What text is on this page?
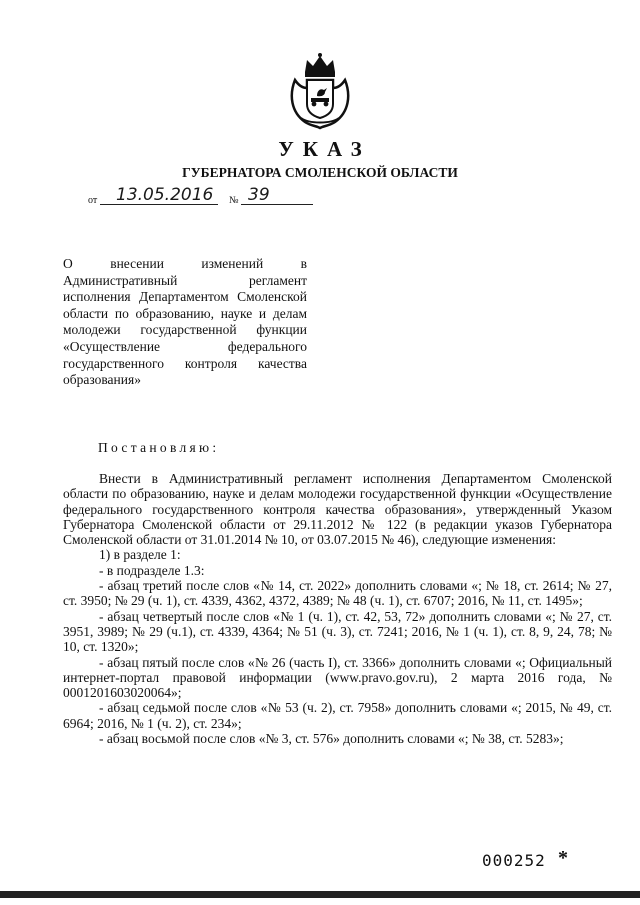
УКАЗ
ГУБЕРНАТОРА СМОЛЕНСКОЙ ОБЛАСТИ
от 13.05.2016 № 39
О внесении изменений в Административный регламент исполнения Департаментом Смоленской области по образованию, науке и делам молодежи государственной функции «Осуществление федерального государственного контроля качества образования»
Постановляю:

Внести в Административный регламент исполнения Департаментом Смоленской области по образованию, науке и делам молодежи государственной функции «Осуществление федерального государственного контроля качества образования», утвержденный Указом Губернатора Смоленской области от 29.11.2012 № 122 (в редакции указов Губернатора Смоленской области от 31.01.2014 № 10, от 03.07.2015 № 46), следующие изменения:

1) в разделе 1:

- в подразделе 1.3:

- абзац третий после слов «№ 14, ст. 2022» дополнить словами «; № 18, ст. 2614; № 27, ст. 3950; № 29 (ч. 1), ст. 4339, 4362, 4372, 4389; № 48 (ч. 1), ст. 6707; 2016, № 11, ст. 1495»;

- абзац четвертый после слов «№ 1 (ч. 1), ст. 42, 53, 72» дополнить словами «; № 27, ст. 3951, 3989; № 29 (ч.1), ст. 4339, 4364; № 51 (ч. 3), ст. 7241; 2016, № 1 (ч. 1), ст. 8, 9, 24, 78; № 10, ст. 1320»;

- абзац пятый после слов «№ 26 (часть I), ст. 3366» дополнить словами «; Официальный интернет-портал правовой информации (www.pravo.gov.ru), 2 марта 2016 года, № 0001201603020064»;

- абзац седьмой после слов «№ 53 (ч. 2), ст. 7958» дополнить словами «; 2015, № 49, ст. 6964; 2016, № 1 (ч. 2), ст. 234»;

- абзац восьмой после слов «№ 3, ст. 576» дополнить словами «; № 38, ст. 5283»;

000252 *
